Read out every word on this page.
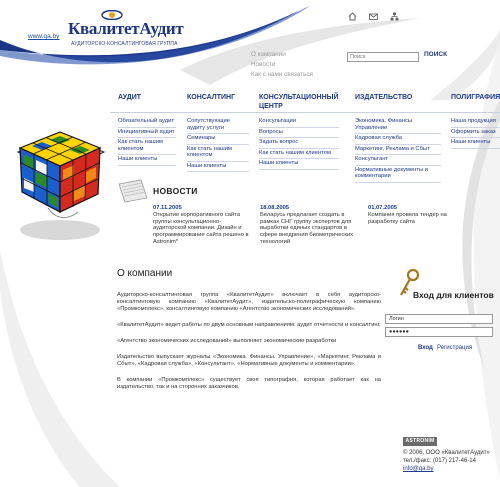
www.qa.by КвалитетАудит
АУДИТОРСКО-КОНСАЛТИНГОВАЯ ГРУППА
О компании
Новости
Как с нами связаться
Поиск
ПОИСК
АУДИТ	КОНСАЛТИНГ	КОНСУЛЬТАЦИОННЫЙ ЦЕНТР
ИЗДАТЕЛЬСТВО	ПОЛИГРАФИЯ
Обязательный аудит
Инициативный аудит
Как стать нашим клиентом
Наши клиенты
Сопутствующие аудиту услуги
Семинары
Как стать нашим клиентом
Наши клиенты
Консультации
Вопросы
Задать вопрос
Как стать нашим клиентом
Наши клиенты
Экономика. Финансы. Управление
Кадровая служба
Маркетинг, Реклама и Сбыт
Консультант
Нормативные документы и комментарии
Наша продукция
Оформить заказ
Наши клиенты
НОВОСТИ
07.11.2005
Открытие корпоративного сайта группы консультационно-аудиторской компании. Дизайн и программирование сайта решено в Astronim*
18.08.2005
Беларусь предлагает создать в рамках СНГ группу экспертов для выработки единых стандартов в сфере внедрения биометрических технологий
01.07.2005
Компания провела тендер на разработку сайта
О компании

Аудиторско-консалтинговая группа «КвалитетАудит» включает в себя аудиторско-консалтинговую компанию «КвалитетАудит», издательско-полиграфическую компанию «Промкомплекс», консалтинговую компанию «Агентство экономических исследований».

«КвалитетАудит» ведет работы по двум основным направлениям: аудит отчетности и консалтинг.

«Агентство экономических исследований» выполняет экономические разработки

Издательство выпускает журналы «Экономика. Финансы. Управление», «Маркетинг, Реклама и Сбыт», «Кадровая служба», «Консультант», «Нормативные документы и комментарии».

В компании «Промкомплекс» существует своя типография, которая работает как на издательство, так и на сторонних заказчиков.

Вход для клиентов
Логин
●●●●●●
Вход Регистрация
ASTRONIM
© 2006, ООО «КвалитетАудит»
тел./факс: (017) 217-46-14
info@qa.by
